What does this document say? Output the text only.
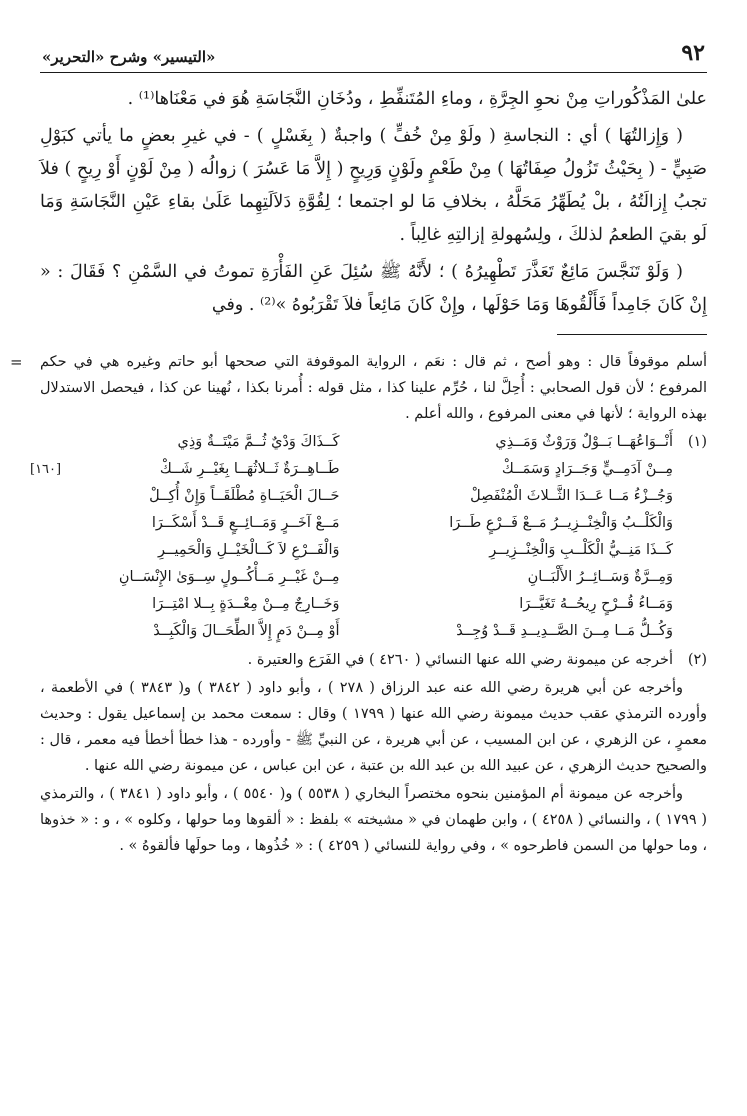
٩٢
«التيسير» وشرح «التحرير»

علىٰ المَذْكُوراتِ مِنْ نحوِ الجِرَّةِ ، وماءِ المُتَنفِّطِ ، ودُخَانِ النَّجَاسَةِ هُوَ في مَعْنَاها⁽¹⁾ .

( وَإِزالتُهَا ) أي : النجاسةِ ( ولَوْ مِنْ خُفٍّ ) واجبةٌ ( بِغَسْلٍ ) - في غيرِ بعضٍ ما يأتي كبَوْلِ صَبِيٍّ - ( بِحَيْثُ تَزُولُ صِفَاتُهَا ) مِنْ طَعْمٍ ولَوْنٍ وَرِيحٍ ( إِلاَّ مَا عَسُرَ ) زوالُه ( مِنْ لَوْنٍ أَوْ رِيحٍ ) فلاَ تجبُ إِزالَتُهُ ، بلْ يُطَهِّرُ مَحَلَّهُ ، بخلافِ مَا لو اجتمعا ؛ لِقُوَّةِ دَلاَلَتِهِما عَلَىٰ بقاءِ عَيْنِ النَّجَاسَةِ وَمَا لَو بقيَ الطعمُ لذلكَ ، ولِسُهولةِ إزالتِهِ غالِباً .

( وَلَوْ تَنَجَّسَ مَائِعٌ تَعَذَّرَ تَطْهِيرُهُ ) ؛ لأَنَّهُ ﷺ سُئِلَ عَنِ الفَأْرَةِ تموتُ في السَّمْنِ ؟ فَقَالَ : « إِنْ كَانَ جَامِداً فَأَلْقُوهَا وَمَا حَوْلَها ، وإِنْ كَانَ مَائِعاً فلاَ تَقْرَبُوهُ »⁽²⁾ . وفي

= أسلم موقوفاً قال : وهو أصح ، ثم قال : نعَم ، الرواية الموقوفة التي صححها أبو حاتم وغيره هي في حكم المرفوع ؛ لأن قول الصحابي : أُحِلَّ لنا ، حُرِّم علينا كذا ، مثل قوله : أُمرنا بكذا ، نُهينا عن كذا ، فيحصل الاستدلال بهذه الرواية ؛ لأنها في معنى المرفوع ، والله أعلم .
(١)
أَنْــوَاعُهَــا بَــوْلٌ وَرَوْثٌ وَمَــذِي
كَــذَاكَ وَدْيٌ ثُــمَّ مَيْتَــةٌ وَذِي
مِــنْ آدَمِــيٍّ وَجَــرَادٍ وَسَمَــكْ
طَــاهِــرَةٌ ثَــلاثُهَــا بِغَيْــرِ شَــكْ
[١٦٠]
وَجُــزْءُ مَــا عَــدَا الثَّــلاثَ الْمُنْفَصِلْ
حَــالَ الْحَيَــاةِ مُطْلَقَــاً وَإِنْ أُكِــلْ
وَالْكَلْــبُ وَالْخِنْــزِيــرُ مَــعْ فَــرْعٍ طَــرَا
مَــعْ آخَــرٍ وَمَــائِــعٍ قَــدْ أَسْكَــرَا
كَــذَا مَنِــيُّ الْكَلْــبِ وَالْخِنْــزِيــرِ
وَالْفَــرْعِ لاَ كَــالْخَيْــلِ وَالْحَمِيــرِ
وَمِــرَّةٌ وَسَــائِــرُ الأَلْبَــانِ
مِــنْ غَيْــرِ مَــأْكُــولٍ سِــوَىٰ الإِنْسَــانِ
وَمَــاءُ قُــرْحٍ رِيحُــهُ تَغَيَّــرَا
وَخَــارِجٌ مِــنْ مِعْــدَةٍ بِــلا امْتِــرَا
وَكُــلُّ مَــا مِــنَ الصَّــدِيــدِ قَــدْ وُجِــدْ
أَوْ مِــنْ دَمٍ إِلاَّ الطِّحَــالَ وَالْكَبِــدْ
(٢)
أخرجه عن ميمونة رضي الله عنها النسائي ( ٤٢٦٠ ) في الفَرَع والعتيرة .
وأخرجه عن أبي هريرة رضي الله عنه عبد الرزاق ( ٢٧٨ ) ، وأبو داود ( ٣٨٤٢ ) و( ٣٨٤٣ ) في الأطعمة ، وأورده الترمذي عقب حديث ميمونة رضي الله عنها ( ١٧٩٩ ) وقال : سمعت محمد بن إسماعيل يقول : وحديث معمرٍ ، عن الزهري ، عن ابن المسيب ، عن أبي هريرة ، عن النبيِّ ﷺ - وأورده - هذا خطأ أخطأ فيه معمر ، قال : والصحيح حديث الزهري ، عن عبيد الله بن عبد الله بن عتبة ، عن ابن عباس ، عن ميمونة رضي الله عنها .
وأخرجه عن ميمونة أم المؤمنين بنحوه مختصراً البخاري ( ٥٥٣٨ ) و( ٥٥٤٠ ) ، وأبو داود ( ٣٨٤١ ) ، والترمذي ( ١٧٩٩ ) ، والنسائي ( ٤٢٥٨ ) ، وابن طهمان في « مشيخته » بلفظ : « ألقوها وما حولها ، وكلوه » ، و : « خذوها ، وما حولها من السمن فاطرحوه » ، وفي رواية للنسائي ( ٤٢٥٩ ) : « خُذُوها ، وما حولَها فألقوهُ » .
